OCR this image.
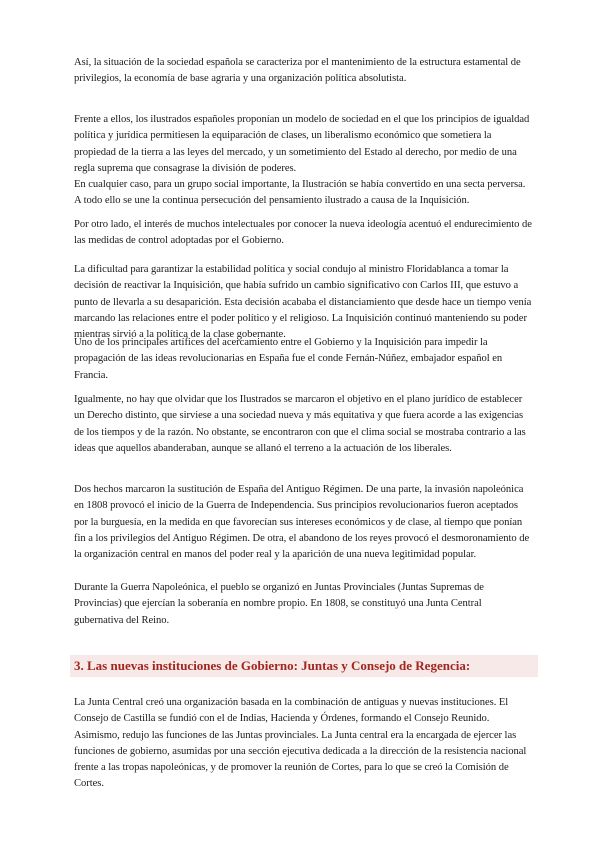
Así, la situación de la sociedad española se caracteriza por el mantenimiento de la estructura estamental de privilegios, la economía de base agraria y una organización política absolutista.

Frente a ellos, los ilustrados españoles proponían un modelo de sociedad en el que los principios de igualdad política y jurídica permitiesen la equiparación de clases, un liberalismo económico que sometiera la propiedad de la tierra a las leyes del mercado, y un sometimiento del Estado al derecho, por medio de una regla suprema que consagrase la división de poderes.

En cualquier caso, para un grupo social importante, la Ilustración se había convertido en una secta perversa. A todo ello se une la continua persecución del pensamiento ilustrado a causa de la Inquisición.

Por otro lado, el interés de muchos intelectuales por conocer la nueva ideología acentuó el endurecimiento de las medidas de control adoptadas por el Gobierno.

La dificultad para garantizar la estabilidad política y social condujo al ministro Floridablanca a tomar la decisión de reactivar la Inquisición, que había sufrido un cambio significativo con Carlos III, que estuvo a punto de llevarla a su desaparición. Esta decisión acababa el distanciamiento que desde hace un tiempo venía marcando las relaciones entre el poder político y el religioso. La Inquisición continuó manteniendo su poder mientras sirvió a la política de la clase gobernante.

Uno de los principales artífices del acercamiento entre el Gobierno y la Inquisición para impedir la propagación de las ideas revolucionarias en España fue el conde Fernán-Núñez, embajador español en Francia.

Igualmente, no hay que olvidar que los Ilustrados se marcaron el objetivo en el plano jurídico de establecer un Derecho distinto, que sirviese a una sociedad nueva y más equitativa y que fuera acorde a las exigencias de los tiempos y de la razón. No obstante, se encontraron con que el clima social se mostraba contrario a las ideas que aquellos abanderaban, aunque se allanó el terreno a la actuación de los liberales.

Dos hechos marcaron la sustitución de España del Antiguo Régimen. De una parte, la invasión napoleónica en 1808 provocó el inicio de la Guerra de Independencia. Sus principios revolucionarios fueron aceptados por la burguesía, en la medida en que favorecían sus intereses económicos y de clase, al tiempo que ponían fin a los privilegios del Antiguo Régimen. De otra, el abandono de los reyes provocó el desmoronamiento de la organización central en manos del poder real y la aparición de una nueva legitimidad popular.

Durante la Guerra Napoleónica, el pueblo se organizó en Juntas Provinciales (Juntas Supremas de Provincias) que ejercían la soberanía en nombre propio. En 1808, se constituyó una Junta Central gubernativa del Reino.

3. Las nuevas instituciones de Gobierno: Juntas y Consejo de Regencia:

La Junta Central creó una organización basada en la combinación de antiguas y nuevas instituciones. El Consejo de Castilla se fundió con el de Indias, Hacienda y Órdenes, formando el Consejo Reunido. Asimismo, redujo las funciones de las Juntas provinciales. La Junta central era la encargada de ejercer las funciones de gobierno, asumidas por una sección ejecutiva dedicada a la dirección de la resistencia nacional frente a las tropas napoleónicas, y de promover la reunión de Cortes, para lo que se creó la Comisión de Cortes.
